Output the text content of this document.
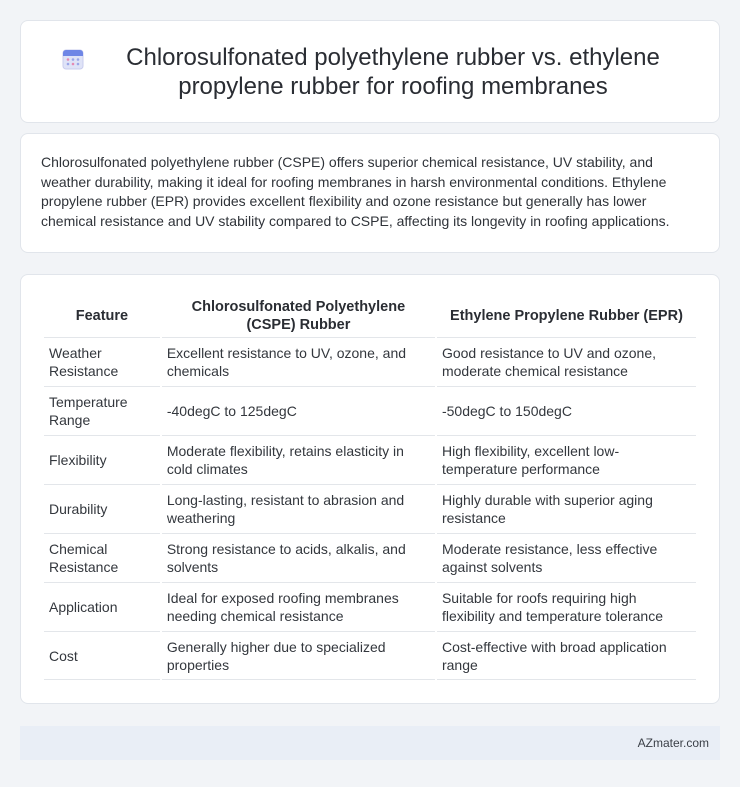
Chlorosulfonated polyethylene rubber vs. ethylene propylene rubber for roofing membranes

Chlorosulfonated polyethylene rubber (CSPE) offers superior chemical resistance, UV stability, and weather durability, making it ideal for roofing membranes in harsh environmental conditions. Ethylene propylene rubber (EPR) provides excellent flexibility and ozone resistance but generally has lower chemical resistance and UV stability compared to CSPE, affecting its longevity in roofing applications.

Feature	Chlorosulfonated Polyethylene (CSPE) Rubber	Ethylene Propylene Rubber (EPR)
Weather Resistance	Excellent resistance to UV, ozone, and chemicals	Good resistance to UV and ozone, moderate chemical resistance
Temperature Range	-40degC to 125degC	-50degC to 150degC
Flexibility	Moderate flexibility, retains elasticity in cold climates	High flexibility, excellent low-temperature performance
Durability	Long-lasting, resistant to abrasion and weathering	Highly durable with superior aging resistance
Chemical Resistance	Strong resistance to acids, alkalis, and solvents	Moderate resistance, less effective against solvents
Application	Ideal for exposed roofing membranes needing chemical resistance	Suitable for roofs requiring high flexibility and temperature tolerance
Cost	Generally higher due to specialized properties	Cost-effective with broad application range
AZmater.com
